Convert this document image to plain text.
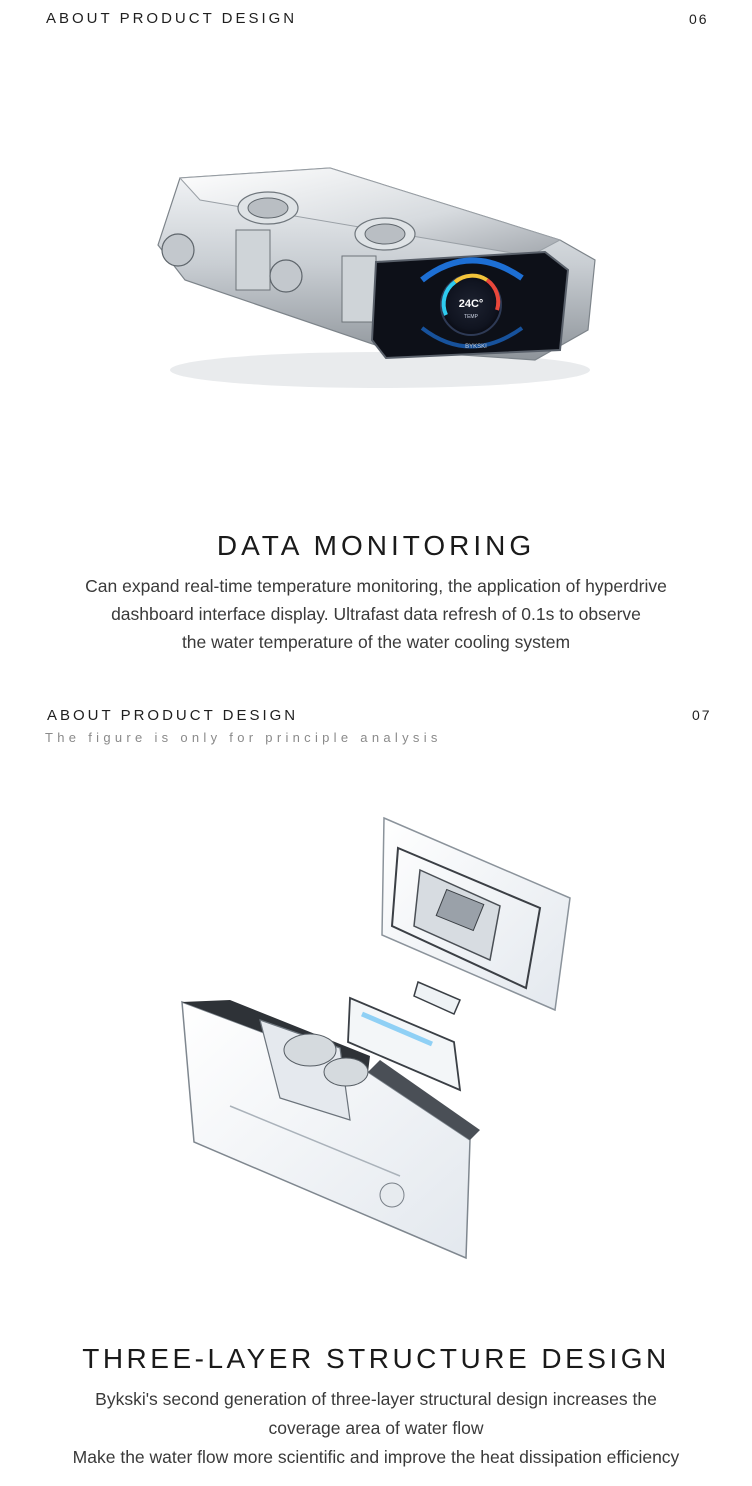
ABOUT PRODUCT DESIGN	06
24C°
TEMP
BYKSKI
DATA MONITORING
Can expand real-time temperature monitoring, the application of hyperdrive
dashboard interface display. Ultrafast data refresh of 0.1s to observe
the water temperature of the water cooling system
ABOUT PRODUCT DESIGN	07
The figure is only for principle analysis
THREE-LAYER STRUCTURE DESIGN
Bykski's second generation of three-layer structural design increases the
coverage area of water flow
Make the water flow more scientific and improve the heat dissipation efficiency
